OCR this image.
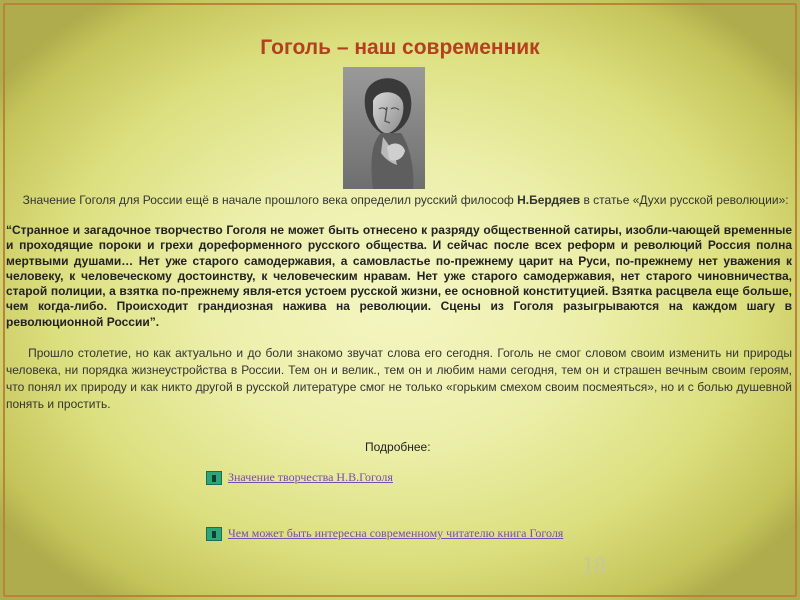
Гоголь – наш современник
Значение Гоголя для России ещё в начале прошлого века определил русский философ Н.Бердяев в статье «Духи русской революции»:
“Странное и загадочное творчество Гоголя не может быть отнесено к разряду общественной сатиры, изобли-чающей временные и проходящие пороки и грехи дореформенного русского общества. И сейчас после всех реформ и революций Россия полна мертвыми душами… Нет уже старого самодержавия, а самовластье по-прежнему царит на Руси, по-прежнему нет уважения к человеку, к человеческому достоинству, к человеческим нравам. Нет уже старого самодержавия, нет старого чиновничества, старой полиции, а взятка по-прежнему явля-ется устоем русской жизни, ее основной конституцией. Взятка расцвела еще больше, чем когда-либо. Происходит грандиозная нажива на революции. Сцены из Гоголя разыгрываются на каждом шагу в революционной России”.
Прошло столетие, но как актуально и до боли знакомо звучат слова его сегодня. Гоголь не смог словом своим изменить ни природы человека, ни порядка жизнеустройства в России. Тем он и велик., тем он и любим нами сегодня, тем он и страшен вечным своим героям, что понял их природу и как никто другой в русской литературе смог не только «горьким смехом своим посмеяться», но и с болью душевной понять и простить.
Подробнее:
Значение творчества Н.В.Гоголя
Чем может быть интересна современному читателю книга Гоголя
18
